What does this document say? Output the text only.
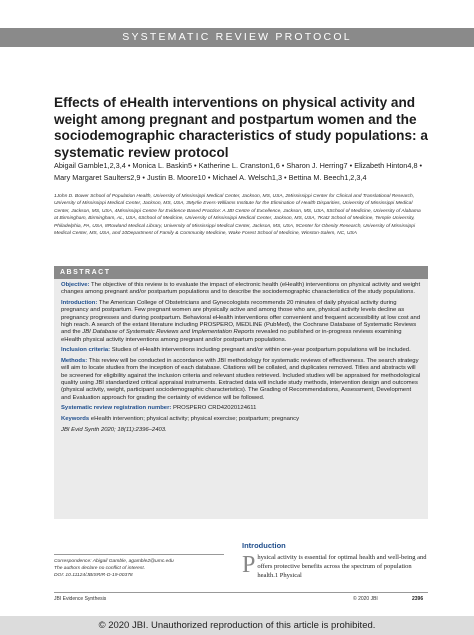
SYSTEMATIC REVIEW PROTOCOL
Effects of eHealth interventions on physical activity and weight among pregnant and postpartum women and the sociodemographic characteristics of study populations: a systematic review protocol
Abigail Gamble1,2,3,4 • Monica L. Baskin5 • Katherine L. Cranston1,6 • Sharon J. Herring7 • Elizabeth Hinton4,8 • Mary Margaret Saulters2,9 • Justin B. Moore10 • Michael A. Welsch1,3 • Bettina M. Beech1,2,3,4
1John D. Bower School of Population Health, University of Mississippi Medical Center, Jackson, MS, USA, 2Mississippi Center for Clinical and Translational Research, University of Mississippi Medical Center, Jackson, MS, USA, 3Myrlie Evers-Williams Institute for the Elimination of Health Disparities, University of Mississippi Medical Center, Jackson, MS, USA, 4Mississippi Centre for Evidence Based Practice: A JBI Centre of Excellence, Jackson, MS, USA, 5School of Medicine, University of Alabama at Birmingham, Birmingham, AL, USA, 6School of Medicine, University of Mississippi Medical Center, Jackson, MS, USA, 7Katz School of Medicine, Temple University, Philadelphia, PA, USA, 8Rowland Medical Library, University of Mississippi Medical Center, Jackson, MS, USA, 9Center for Obesity Research, University of Mississippi Medical Center, MS, USA, and 10Department of Family & Community Medicine, Wake Forest School of Medicine, Winston-Salem, NC, USA
ABSTRACT

Objective: The objective of this review is to evaluate the impact of electronic health (eHealth) interventions on physical activity and weight changes among pregnant and/or postpartum populations and to describe the sociodemographic characteristics of the study populations.

Introduction: The American College of Obstetricians and Gynecologists recommends 20 minutes of daily physical activity during pregnancy and postpartum. Few pregnant women are physically active and among those who are, physical activity levels decline as pregnancy progresses and during postpartum. Behavioral eHealth interventions offer convenient and frequent accessibility at low cost and high reach. A search of the extant literature including PROSPERO, MEDLINE (PubMed), the Cochrane Database of Systematic Reviews and the JBI Database of Systematic Reviews and Implementation Reports revealed no published or in-progress reviews examining eHealth physical activity interventions among pregnant and/or postpartum populations.

Inclusion criteria: Studies of eHealth interventions including pregnant and/or within one-year postpartum populations will be included.

Methods: This review will be conducted in accordance with JBI methodology for systematic reviews of effectiveness. The search strategy will aim to locate studies from the inception of each database. Citations will be collated, and duplicates removed. Titles and abstracts will be screened for eligibility against the inclusion criteria and relevant studies retrieved. Included studies will be appraised for methodological quality using JBI standardized critical appraisal instruments. Extracted data will include study methods, intervention design and outcomes (physical activity, weight, participant sociodemographic characteristics). The Grading of Recommendations, Assessment, Development and Evaluation approach for grading the certainty of evidence will be followed.

Systematic review registration number: PROSPERO CRD42020124611

Keywords eHealth intervention; physical activity; physical exercise; postpartum; pregnancy

JBI Evid Synth 2020; 18(11):2396–2403.

Correspondence: Abigail Gamble, agamble2@umc.edu
The authors declare no conflict of interest.
DOI: 10.11124/JBISRIR-D-19-00378
Introduction
Physical activity is essential for optimal health and well-being and offers protective benefits across the spectrum of population health.1 Physical
JBI Evidence Synthesis	© 2020 JBI	2396
© 2020 JBI. Unauthorized reproduction of this article is prohibited.
